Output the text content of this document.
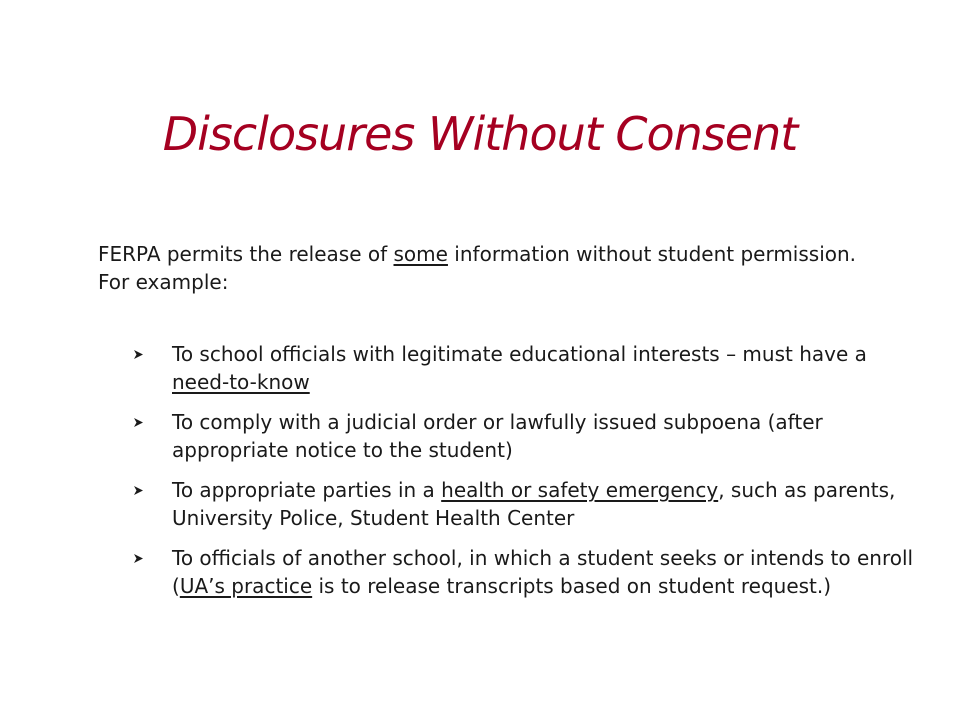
Disclosures Without Consent
FERPA permits the release of some information without student permission. For example:
To school officials with legitimate educational interests – must have a need-to-know
To comply with a judicial order or lawfully issued subpoena (after appropriate notice to the student)
To appropriate parties in a health or safety emergency, such as parents, University Police, Student Health Center
To officials of another school, in which a student seeks or intends to enroll (UA’s practice is to release transcripts based on student request.)
